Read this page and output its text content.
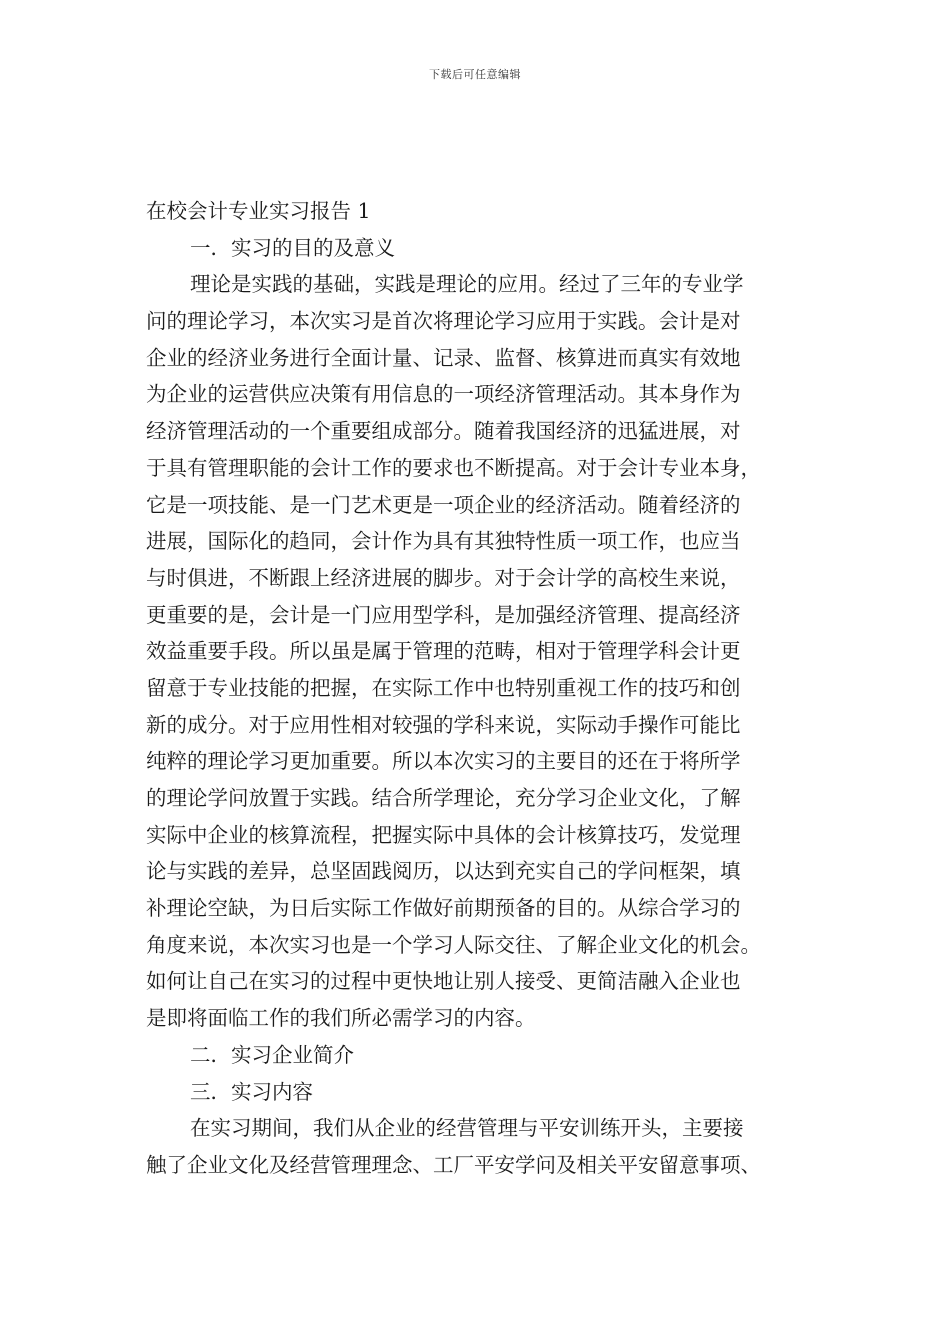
下载后可任意编辑
在校会计专业实习报告 1
一．实习的目的及意义
理论是实践的基础，实践是理论的应用。经过了三年的专业学
问的理论学习，本次实习是首次将理论学习应用于实践。会计是对
企业的经济业务进行全面计量、记录、监督、核算进而真实有效地
为企业的运营供应决策有用信息的一项经济管理活动。其本身作为
经济管理活动的一个重要组成部分。随着我国经济的迅猛进展，对
于具有管理职能的会计工作的要求也不断提高。对于会计专业本身，
它是一项技能、是一门艺术更是一项企业的经济活动。随着经济的
进展，国际化的趋同，会计作为具有其独特性质一项工作，也应当
与时俱进，不断跟上经济进展的脚步。对于会计学的高校生来说，
更重要的是，会计是一门应用型学科，是加强经济管理、提高经济
效益重要手段。所以虽是属于管理的范畴，相对于管理学科会计更
留意于专业技能的把握，在实际工作中也特别重视工作的技巧和创
新的成分。对于应用性相对较强的学科来说，实际动手操作可能比
纯粹的理论学习更加重要。所以本次实习的主要目的还在于将所学
的理论学问放置于实践。结合所学理论，充分学习企业文化，了解
实际中企业的核算流程，把握实际中具体的会计核算技巧，发觉理
论与实践的差异，总坚固践阅历，以达到充实自己的学问框架，填
补理论空缺，为日后实际工作做好前期预备的目的。从综合学习的
角度来说，本次实习也是一个学习人际交往、了解企业文化的机会。
如何让自己在实习的过程中更快地让别人接受、更简洁融入企业也
是即将面临工作的我们所必需学习的内容。
二．实习企业简介
三．实习内容
在实习期间，我们从企业的经营管理与平安训练开头，主要接
触了企业文化及经营管理理念、工厂平安学问及相关平安留意事项、
